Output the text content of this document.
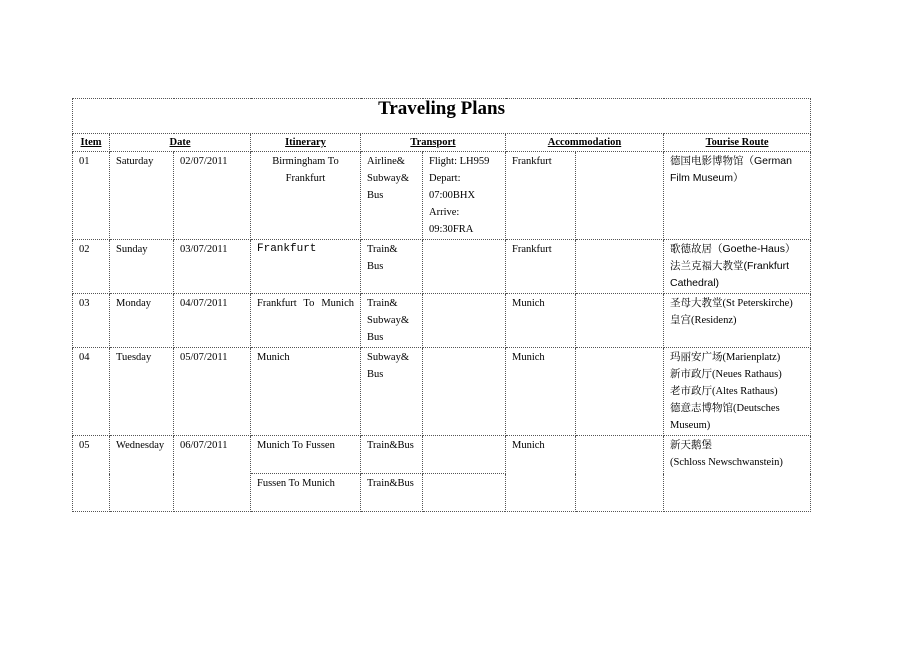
Traveling Plans								
Item	Date		Itinerary	Transport		Accommodation		Tourise Route
01	Saturday	02/07/2011	Birmingham To Frankfurt	Airline& Subway& Bus	Flight: LH959
Depart:
07:00BHX
Arrive:
09:30FRA	Frankfurt		德国电影博物馆（German Film Museum）

02	Sunday	03/07/2011	Frankfurt	Train& Bus		Frankfurt		歌德故居（Goethe-Haus）
法兰克福大教堂(Frankfurt Cathedral)

03	Monday	04/07/2011	Frankfurt To Munich	Train& Subway& Bus		Munich		圣母大教堂(St Peterskirche)
皇宫(Residenz)

04	Tuesday	05/07/2011	Munich	Subway& Bus		Munich		玛丽安广场(Marienplatz)
新市政厅(Neues Rathaus)
老市政厅(Altes Rathaus)
德意志博物馆(Deutsches Museum)

05	Wednesday	06/07/2011	Munich To Fussen	Train&Bus		Munich		新天鹅堡
(Schloss Newschwanstein)

			Fussen To Munich	Train&Bus				
